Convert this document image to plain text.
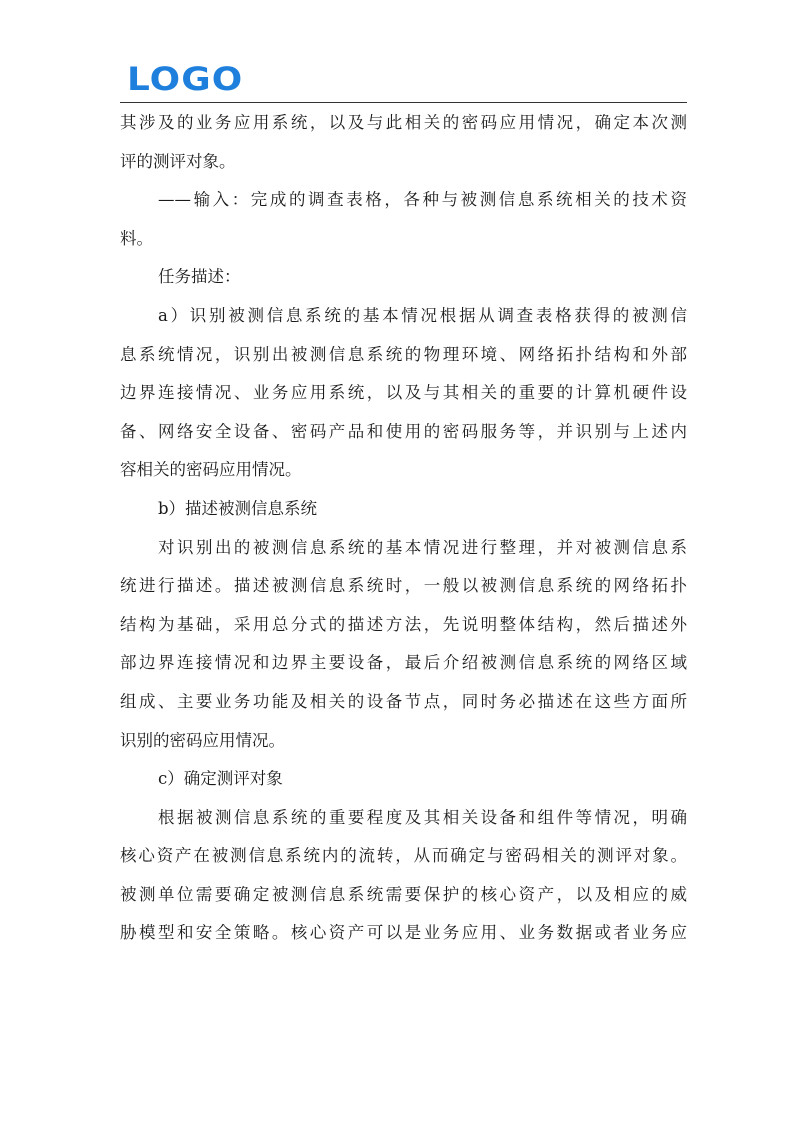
LOGO
其涉及的业务应用系统，以及与此相关的密码应用情况，确定本次测
评的测评对象。
——输入：完成的调查表格，各种与被测信息系统相关的技术资
料。
任务描述：
a）识别被测信息系统的基本情况根据从调查表格获得的被测信
息系统情况，识别出被测信息系统的物理环境、网络拓扑结构和外部
边界连接情况、业务应用系统，以及与其相关的重要的计算机硬件设
备、网络安全设备、密码产品和使用的密码服务等，并识别与上述内
容相关的密码应用情况。
b）描述被测信息系统
对识别出的被测信息系统的基本情况进行整理，并对被测信息系
统进行描述。描述被测信息系统时，一般以被测信息系统的网络拓扑
结构为基础，采用总分式的描述方法，先说明整体结构，然后描述外
部边界连接情况和边界主要设备，最后介绍被测信息系统的网络区域
组成、主要业务功能及相关的设备节点，同时务必描述在这些方面所
识别的密码应用情况。
c）确定测评对象
根据被测信息系统的重要程度及其相关设备和组件等情况，明确
核心资产在被测信息系统内的流转，从而确定与密码相关的测评对象。
被测单位需要确定被测信息系统需要保护的核心资产，以及相应的威
胁模型和安全策略。核心资产可以是业务应用、业务数据或者业务应
